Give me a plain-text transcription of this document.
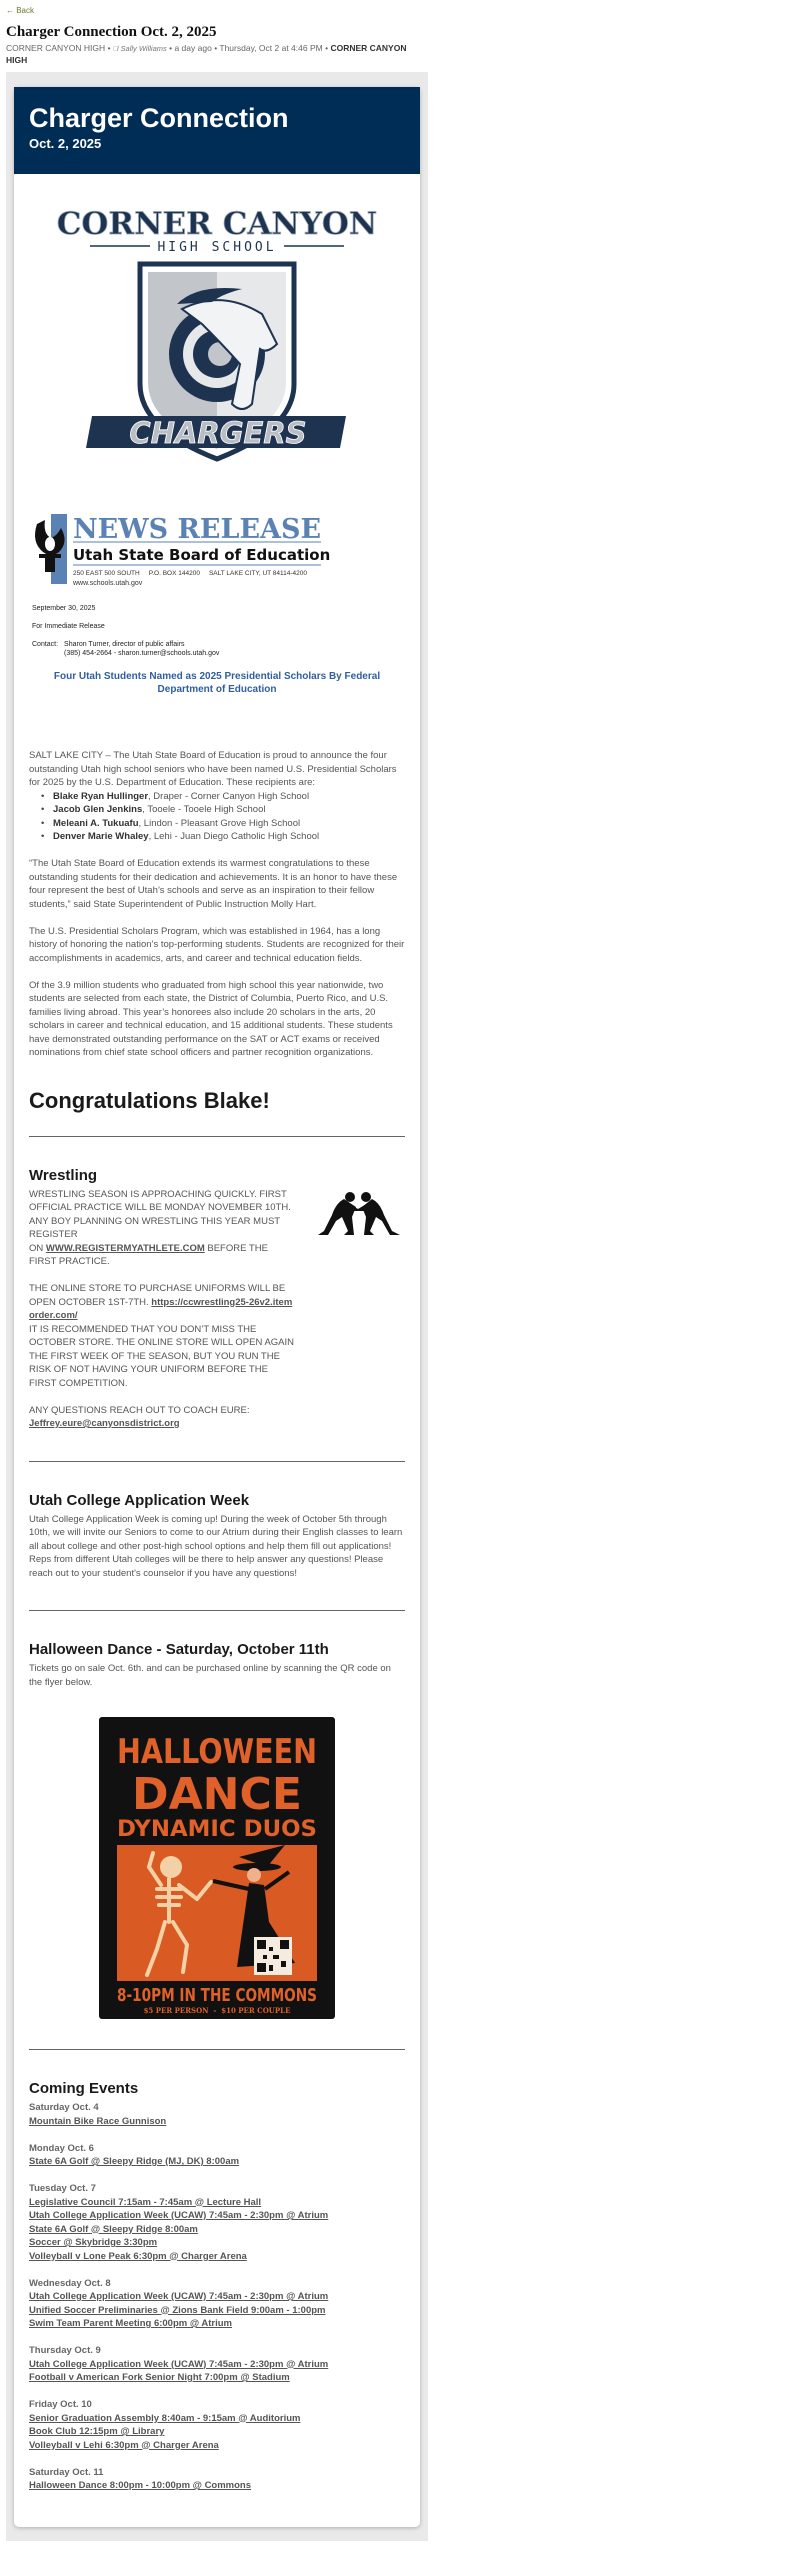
← Back
Charger Connection Oct. 2, 2025
CORNER CANYON HIGH • 👁̸ Sally Williams • a day ago • Thursday, Oct 2 at 4:46 PM • CORNER CANYON HIGH
Charger Connection
Oct. 2, 2025
CORNER CANYON
HIGH SCHOOL
CHARGERS
NEWS RELEASE
Utah State Board of Education
250 EAST 500 SOUTH     P.O. BOX 144200     SALT LAKE CITY, UT 84114-4200
www.schools.utah.gov
September 30, 2025
For Immediate Release
Contact: Sharon Turner, director of public affairs
(385) 454-2664 - sharon.turner@schools.utah.gov
Four Utah Students Named as 2025 Presidential Scholars By Federal Department of Education
SALT LAKE CITY – The Utah State Board of Education is proud to announce the four outstanding Utah high school seniors who have been named U.S. Presidential Scholars for 2025 by the U.S. Department of Education. These recipients are:
• Blake Ryan Hullinger, Draper - Corner Canyon High School
• Jacob Glen Jenkins, Tooele - Tooele High School
• Meleani A. Tukuafu, Lindon - Pleasant Grove High School
• Denver Marie Whaley, Lehi - Juan Diego Catholic High School

“The Utah State Board of Education extends its warmest congratulations to these outstanding students for their dedication and achievements. It is an honor to have these four represent the best of Utah’s schools and serve as an inspiration to their fellow students,” said State Superintendent of Public Instruction Molly Hart.

The U.S. Presidential Scholars Program, which was established in 1964, has a long history of honoring the nation’s top-performing students. Students are recognized for their accomplishments in academics, arts, and career and technical education fields.

Of the 3.9 million students who graduated from high school this year nationwide, two students are selected from each state, the District of Columbia, Puerto Rico, and U.S. families living abroad. This year’s honorees also include 20 scholars in the arts, 20 scholars in career and technical education, and 15 additional students. These students have demonstrated outstanding performance on the SAT or ACT exams or received nominations from chief state school officers and partner recognition organizations.

Congratulations Blake!
Wrestling

WRESTLING SEASON IS APPROACHING QUICKLY. FIRST OFFICIAL PRACTICE WILL BE MONDAY NOVEMBER 10TH. ANY BOY PLANNING ON WRESTLING THIS YEAR MUST REGISTER
ON WWW.REGISTERMYATHLETE.COM BEFORE THE FIRST PRACTICE.

THE ONLINE STORE TO PURCHASE UNIFORMS WILL BE OPEN OCTOBER 1ST-7TH. https://ccwrestling25-26v2.itemorder.com/
IT IS RECOMMENDED THAT YOU DON’T MISS THE OCTOBER STORE. THE ONLINE STORE WILL OPEN AGAIN THE FIRST WEEK OF THE SEASON, BUT YOU RUN THE RISK OF NOT HAVING YOUR UNIFORM BEFORE THE FIRST COMPETITION.

ANY QUESTIONS REACH OUT TO COACH EURE:
Jeffrey.eure@canyonsdistrict.org

Utah College Application Week

Utah College Application Week is coming up! During the week of October 5th through 10th, we will invite our Seniors to come to our Atrium during their English classes to learn all about college and other post-high school options and help them fill out applications! Reps from different Utah colleges will be there to help answer any questions! Please reach out to your student's counselor if you have any questions!

Halloween Dance - Saturday, October 11th

Tickets go on sale Oct. 6th. and can be purchased online by scanning the QR code on the flyer below.

HALLOWEEN
DANCE
DYNAMIC DUOS
8-10PM IN THE COMMONS
$5 PER PERSON  -  $10 PER COUPLE
Coming Events
Saturday Oct. 4
Mountain Bike Race Gunnison
Monday Oct. 6
State 6A Golf @ Sleepy Ridge (MJ, DK) 8:00am
Tuesday Oct. 7
Legislative Council 7:15am - 7:45am @ Lecture Hall
Utah College Application Week (UCAW) 7:45am - 2:30pm @ Atrium
State 6A Golf @ Sleepy Ridge 8:00am
Soccer @ Skybridge 3:30pm
Volleyball v Lone Peak 6:30pm @ Charger Arena
Wednesday Oct. 8
Utah College Application Week (UCAW) 7:45am - 2:30pm @ Atrium
Unified Soccer Preliminaries @ Zions Bank Field 9:00am - 1:00pm
Swim Team Parent Meeting 6:00pm @ Atrium
Thursday Oct. 9
Utah College Application Week (UCAW) 7:45am - 2:30pm @ Atrium
Football v American Fork Senior Night 7:00pm @ Stadium
Friday Oct. 10
Senior Graduation Assembly 8:40am - 9:15am @ Auditorium
Book Club 12:15pm @ Library
Volleyball v Lehi 6:30pm @ Charger Arena
Saturday Oct. 11
Halloween Dance 8:00pm - 10:00pm @ Commons
